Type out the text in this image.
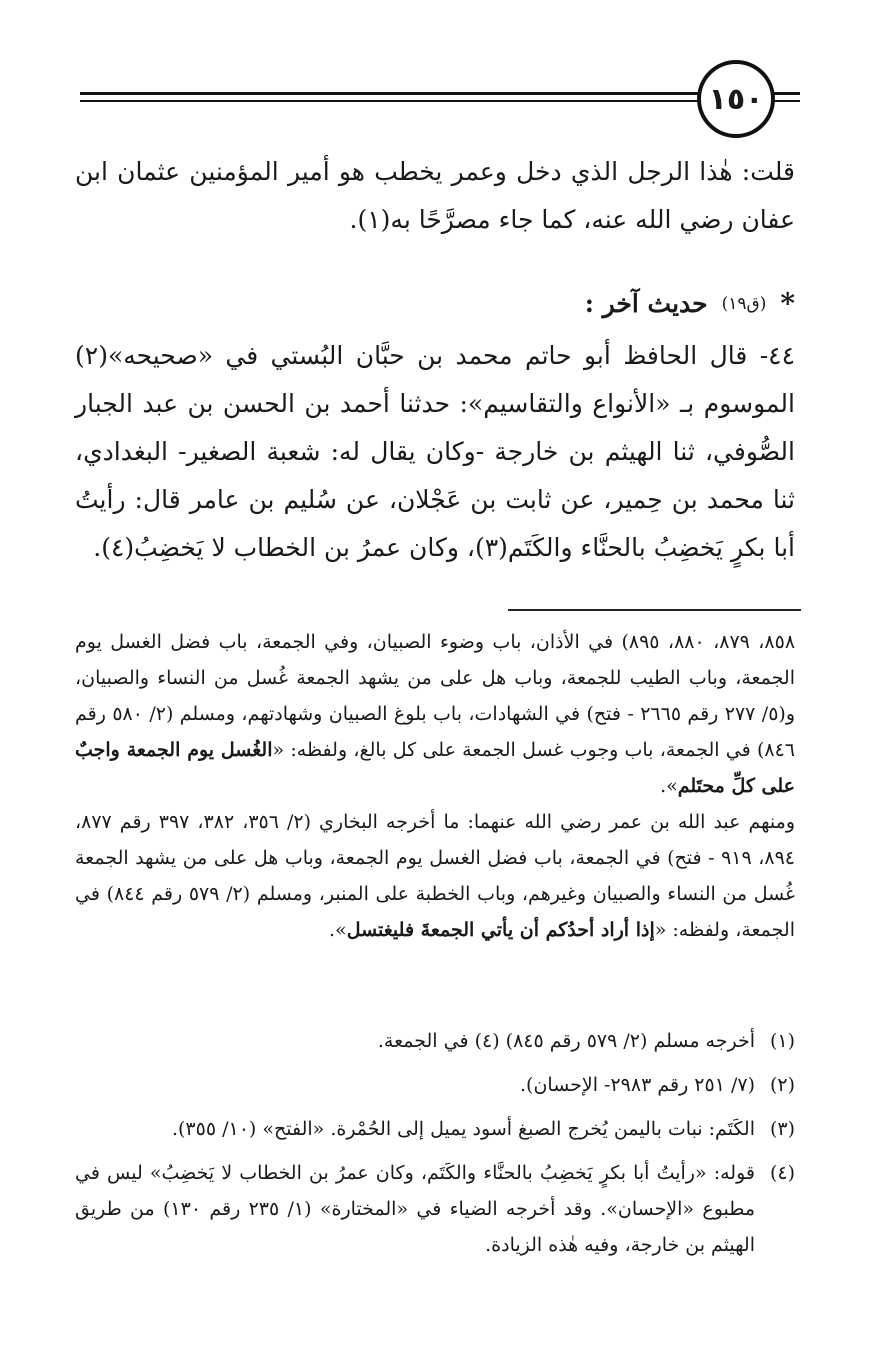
١٥٠
قلت: هٰذا الرجل الذي دخل وعمر يخطب هو أمير المؤمنين عثمان ابن عفان رضي الله عنه، كما جاء مصرَّحًا به(١).
*
(ق١٩)
حديث آخر :
٤٤- قال الحافظ أبو حاتم محمد بن حبَّان البُستي في «صحيحه»(٢) الموسوم بـ «الأنواع والتقاسيم»: حدثنا أحمد بن الحسن بن عبد الجبار الصُّوفي، ثنا الهيثم بن خارجة -وكان يقال له: شعبة الصغير- البغدادي، ثنا محمد بن حِمير، عن ثابت بن عَجْلان، عن سُليم بن عامر قال: رأيتُ أبا بكرٍ يَخضِبُ بالحنَّاء والكَتَم(٣)، وكان عمرُ بن الخطاب لا يَخضِبُ(٤).
٨٥٨، ٨٧٩، ٨٨٠، ٨٩٥) في الأذان، باب وضوء الصبيان، وفي الجمعة، باب فضل الغسل يوم الجمعة، وباب الطيب للجمعة، وباب هل على من يشهد الجمعة غُسل من النساء والصبيان، و(٥/ ٢٧٧ رقم ٢٦٦٥ - فتح) في الشهادات، باب بلوغ الصبيان وشهادتهم، ومسلم (٢/ ٥٨٠ رقم ٨٤٦) في الجمعة، باب وجوب غسل الجمعة على كل بالغ، ولفظه: «الغُسل يوم الجمعة واجبٌ على كلِّ محتَلم».
ومنهم عبد الله بن عمر رضي الله عنهما: ما أخرجه البخاري (٢/ ٣٥٦، ٣٨٢، ٣٩٧ رقم ٨٧٧، ٨٩٤، ٩١٩ - فتح) في الجمعة، باب فضل الغسل يوم الجمعة، وباب هل على من يشهد الجمعة غُسل من النساء والصبيان وغيرهم، وباب الخطبة على المنبر، ومسلم (٢/ ٥٧٩ رقم ٨٤٤) في الجمعة، ولفظه: «إذا أراد أحدُكم أن يأتي الجمعةَ فليغتسل».
(١)
أخرجه مسلم (٢/ ٥٧٩ رقم ٨٤٥) (٤) في الجمعة.
(٢)
(٧/ ٢٥١ رقم ٢٩٨٣- الإحسان).
(٣)
الكَتَم: نبات باليمن يُخرج الصبغ أسود يميل إلى الحُمْرة. «الفتح» (١٠/ ٣٥٥).
(٤)
قوله: «رأيتُ أبا بكرٍ يَخضِبُ بالحنَّاء والكَتَم، وكان عمرُ بن الخطاب لا يَخضِبُ» ليس في مطبوع «الإحسان». وقد أخرجه الضياء في «المختارة» (١/ ٢٣٥ رقم ١٣٠) من طريق الهيثم بن خارجة، وفيه هٰذه الزيادة.
